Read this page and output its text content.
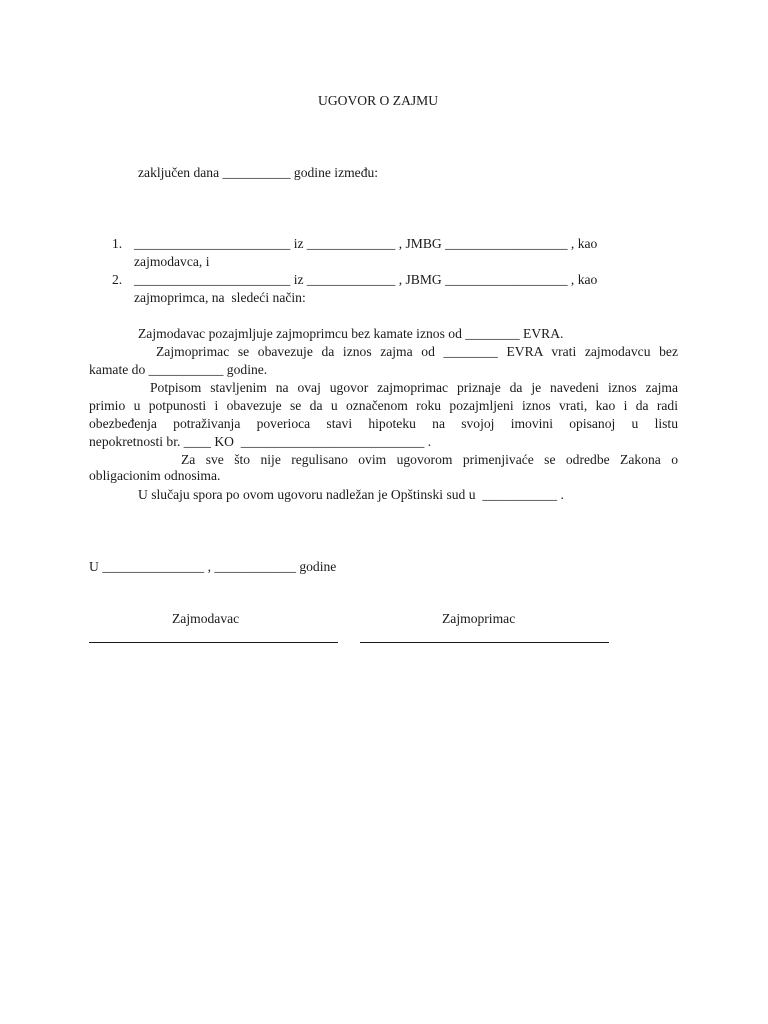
UGOVOR O ZAJMU
zaključen dana __________ godine između:
1. _______________________ iz _____________ , JMBG __________________ , kao
zajmodavca, i
2. _______________________ iz _____________ , JBMG __________________ , kao
zajmoprimca, na  sledeći način:
Zajmodavac pozajmljuje zajmoprimcu bez kamate iznos od ________ EVRA.
Zajmoprimac se obavezuje da iznos zajma od ________ EVRA vrati zajmodavcu bez
kamate do ___________ godine.
Potpisom stavljenim na ovaj ugovor zajmoprimac priznaje da je navedeni iznos zajma
primio u potpunosti i obavezuje se da u označenom roku pozajmljeni iznos vrati, kao i da radi
obezbeđenja potraživanja poverioca stavi hipoteku na svojoj imovini opisanoj u listu
nepokretnosti br. ____ KO  ___________________________ .
Za sve što nije regulisano ovim ugovorom primenjivaće se odredbe Zakona o
obligacionim odnosima.
U slučaju spora po ovom ugovoru nadležan je Opštinski sud u  ___________ .
U _______________ , ____________ godine
Zajmodavac	Zajmoprimac
